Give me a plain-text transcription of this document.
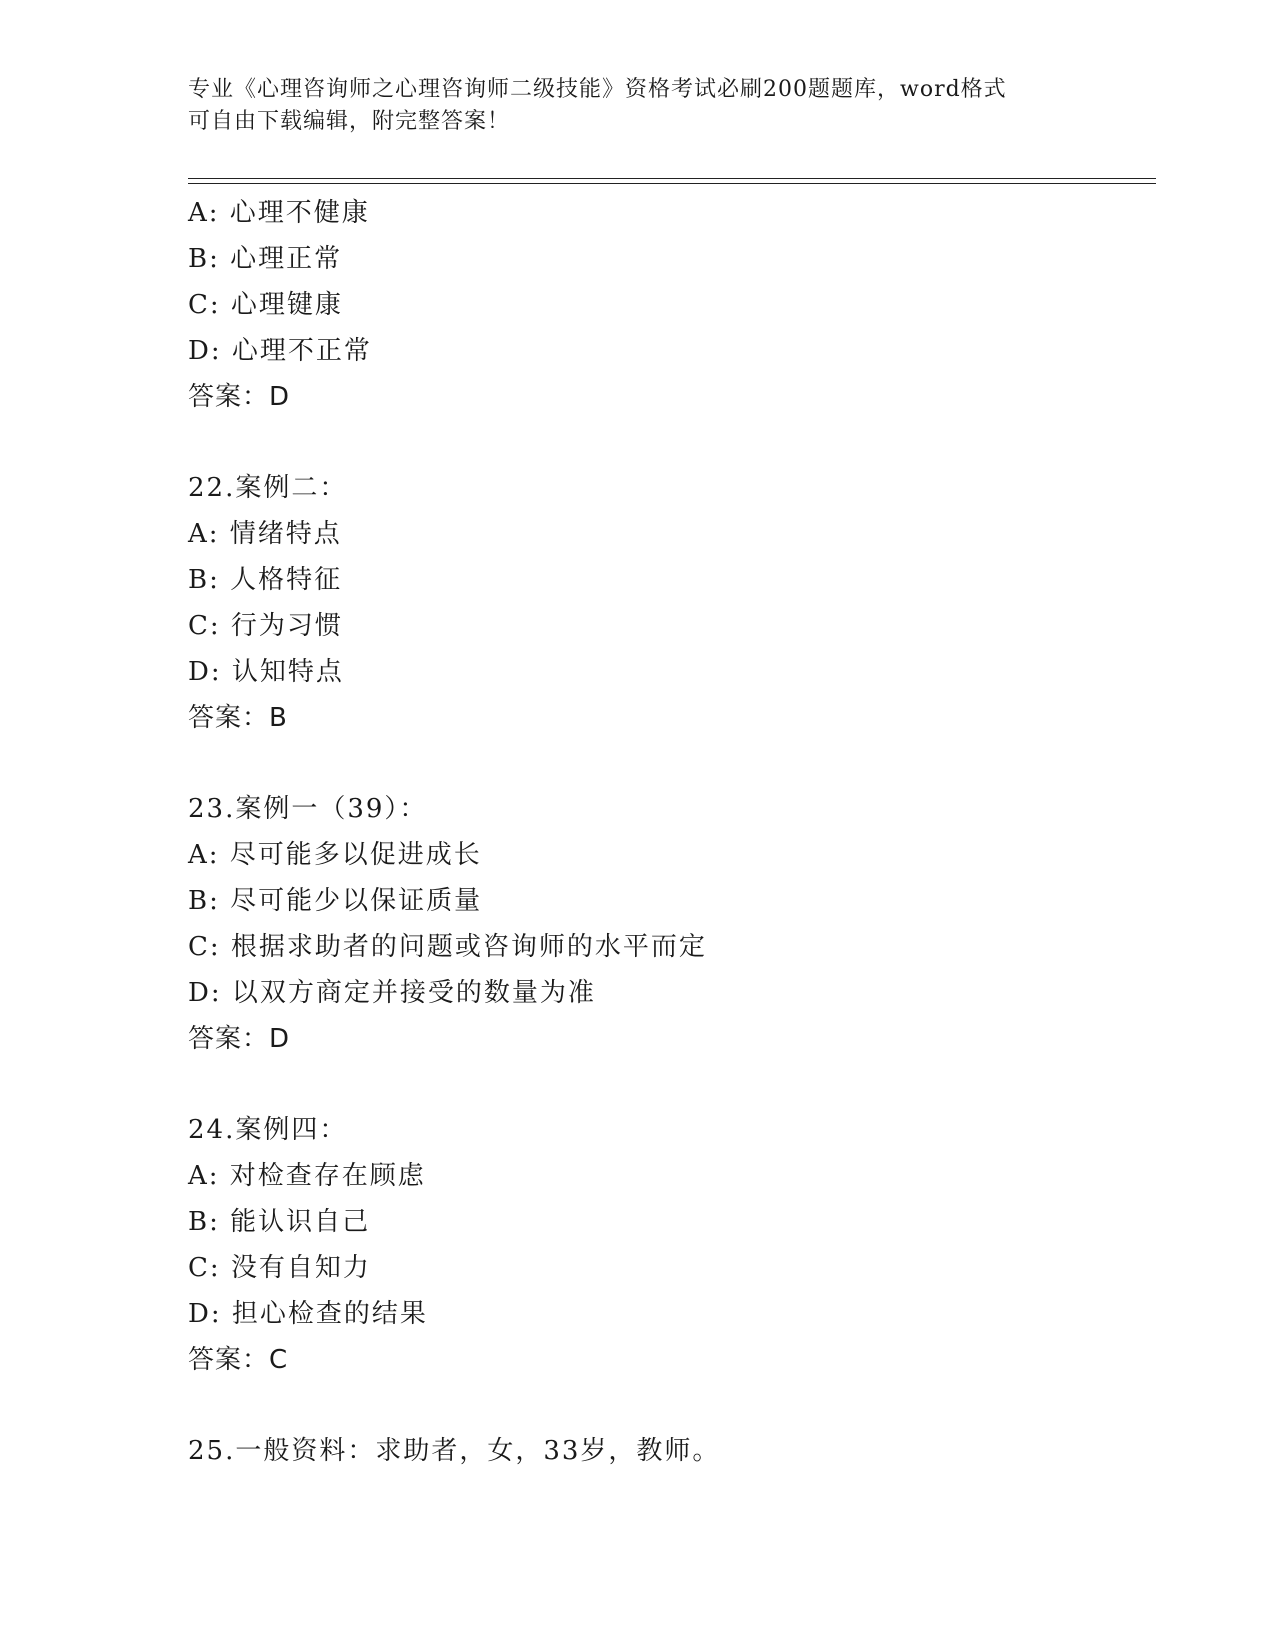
专业《心理咨询师之心理咨询师二级技能》资格考试必刷200题题库，word格式
可自由下载编辑，附完整答案！
A: 心理不健康
B: 心理正常
C: 心理键康
D: 心理不正常
答案：D
22.案例二：
A: 情绪特点
B: 人格特征
C: 行为习惯
D: 认知特点
答案：B
23.案例一（39）：
A: 尽可能多以促进成长
B: 尽可能少以保证质量
C: 根据求助者的问题或咨询师的水平而定
D: 以双方商定并接受的数量为准
答案：D
24.案例四：
A: 对检查存在顾虑
B: 能认识自己
C: 没有自知力
D: 担心检查的结果
答案：C
25.一般资料：求助者，女，33岁，教师。
